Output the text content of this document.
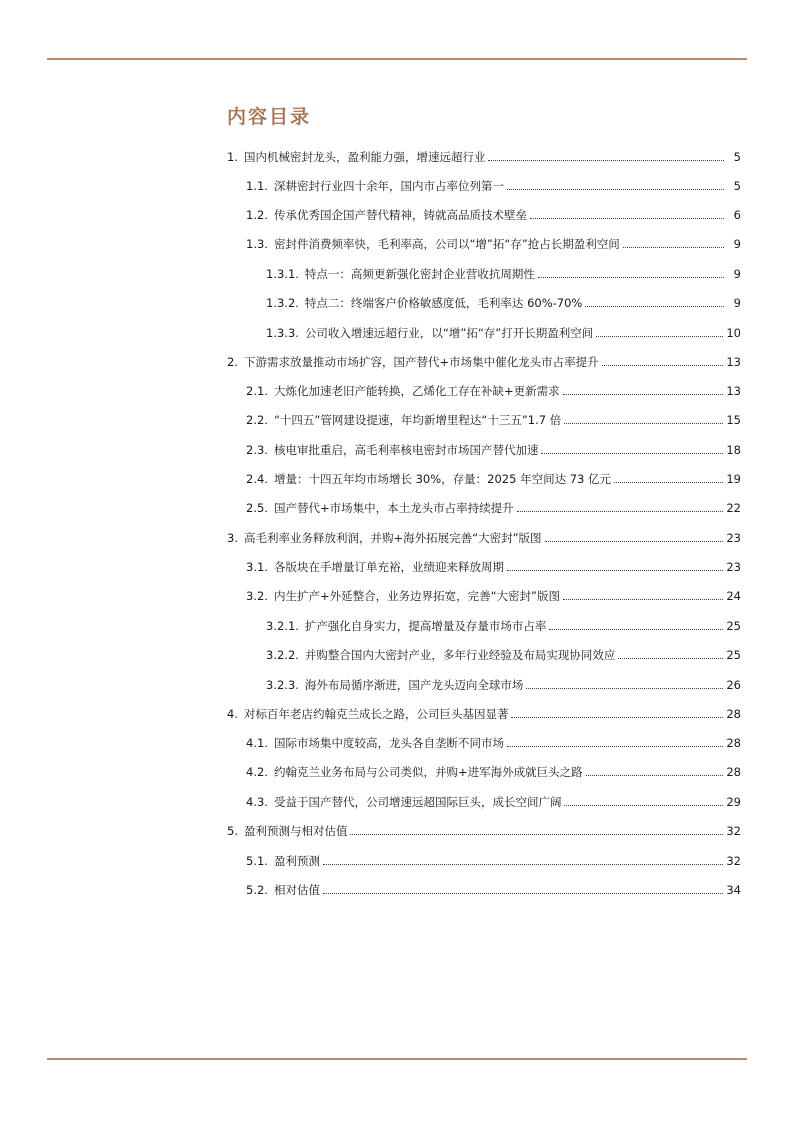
内容目录
1. 国内机械密封龙头，盈利能力强，增速远超行业	5
1.1. 深耕密封行业四十余年，国内市占率位列第一	5
1.2. 传承优秀国企国产替代精神，铸就高品质技术壁垒	6
1.3. 密封件消费频率快，毛利率高，公司以“增”拓“存”抢占长期盈利空间	9
1.3.1. 特点一：高频更新强化密封企业营收抗周期性	9
1.3.2. 特点二：终端客户价格敏感度低，毛利率达 60%-70%	9
1.3.3. 公司收入增速远超行业，以“增”拓“存”打开长期盈利空间	10
2. 下游需求放量推动市场扩容，国产替代+市场集中催化龙头市占率提升	13
2.1. 大炼化加速老旧产能转换，乙烯化工存在补缺+更新需求	13
2.2. “十四五”管网建设提速，年均新增里程达“十三五”1.7 倍	15
2.3. 核电审批重启，高毛利率核电密封市场国产替代加速	18
2.4. 增量：十四五年均市场增长 30%，存量：2025 年空间达 73 亿元	19
2.5. 国产替代+市场集中，本土龙头市占率持续提升	22
3. 高毛利率业务释放利润，并购+海外拓展完善“大密封”版图	23
3.1. 各版块在手增量订单充裕，业绩迎来释放周期	23
3.2. 内生扩产+外延整合，业务边界拓宽，完善“大密封”版图	24
3.2.1. 扩产强化自身实力，提高增量及存量市场市占率	25
3.2.2. 并购整合国内大密封产业，多年行业经验及布局实现协同效应	25
3.2.3. 海外布局循序渐进，国产龙头迈向全球市场	26
4. 对标百年老店约翰克兰成长之路，公司巨头基因显著	28
4.1. 国际市场集中度较高，龙头各自垄断不同市场	28
4.2. 约翰克兰业务布局与公司类似，并购+进军海外成就巨头之路	28
4.3. 受益于国产替代，公司增速远超国际巨头，成长空间广阔	29
5. 盈利预测与相对估值	32
5.1. 盈利预测	32
5.2. 相对估值	34
